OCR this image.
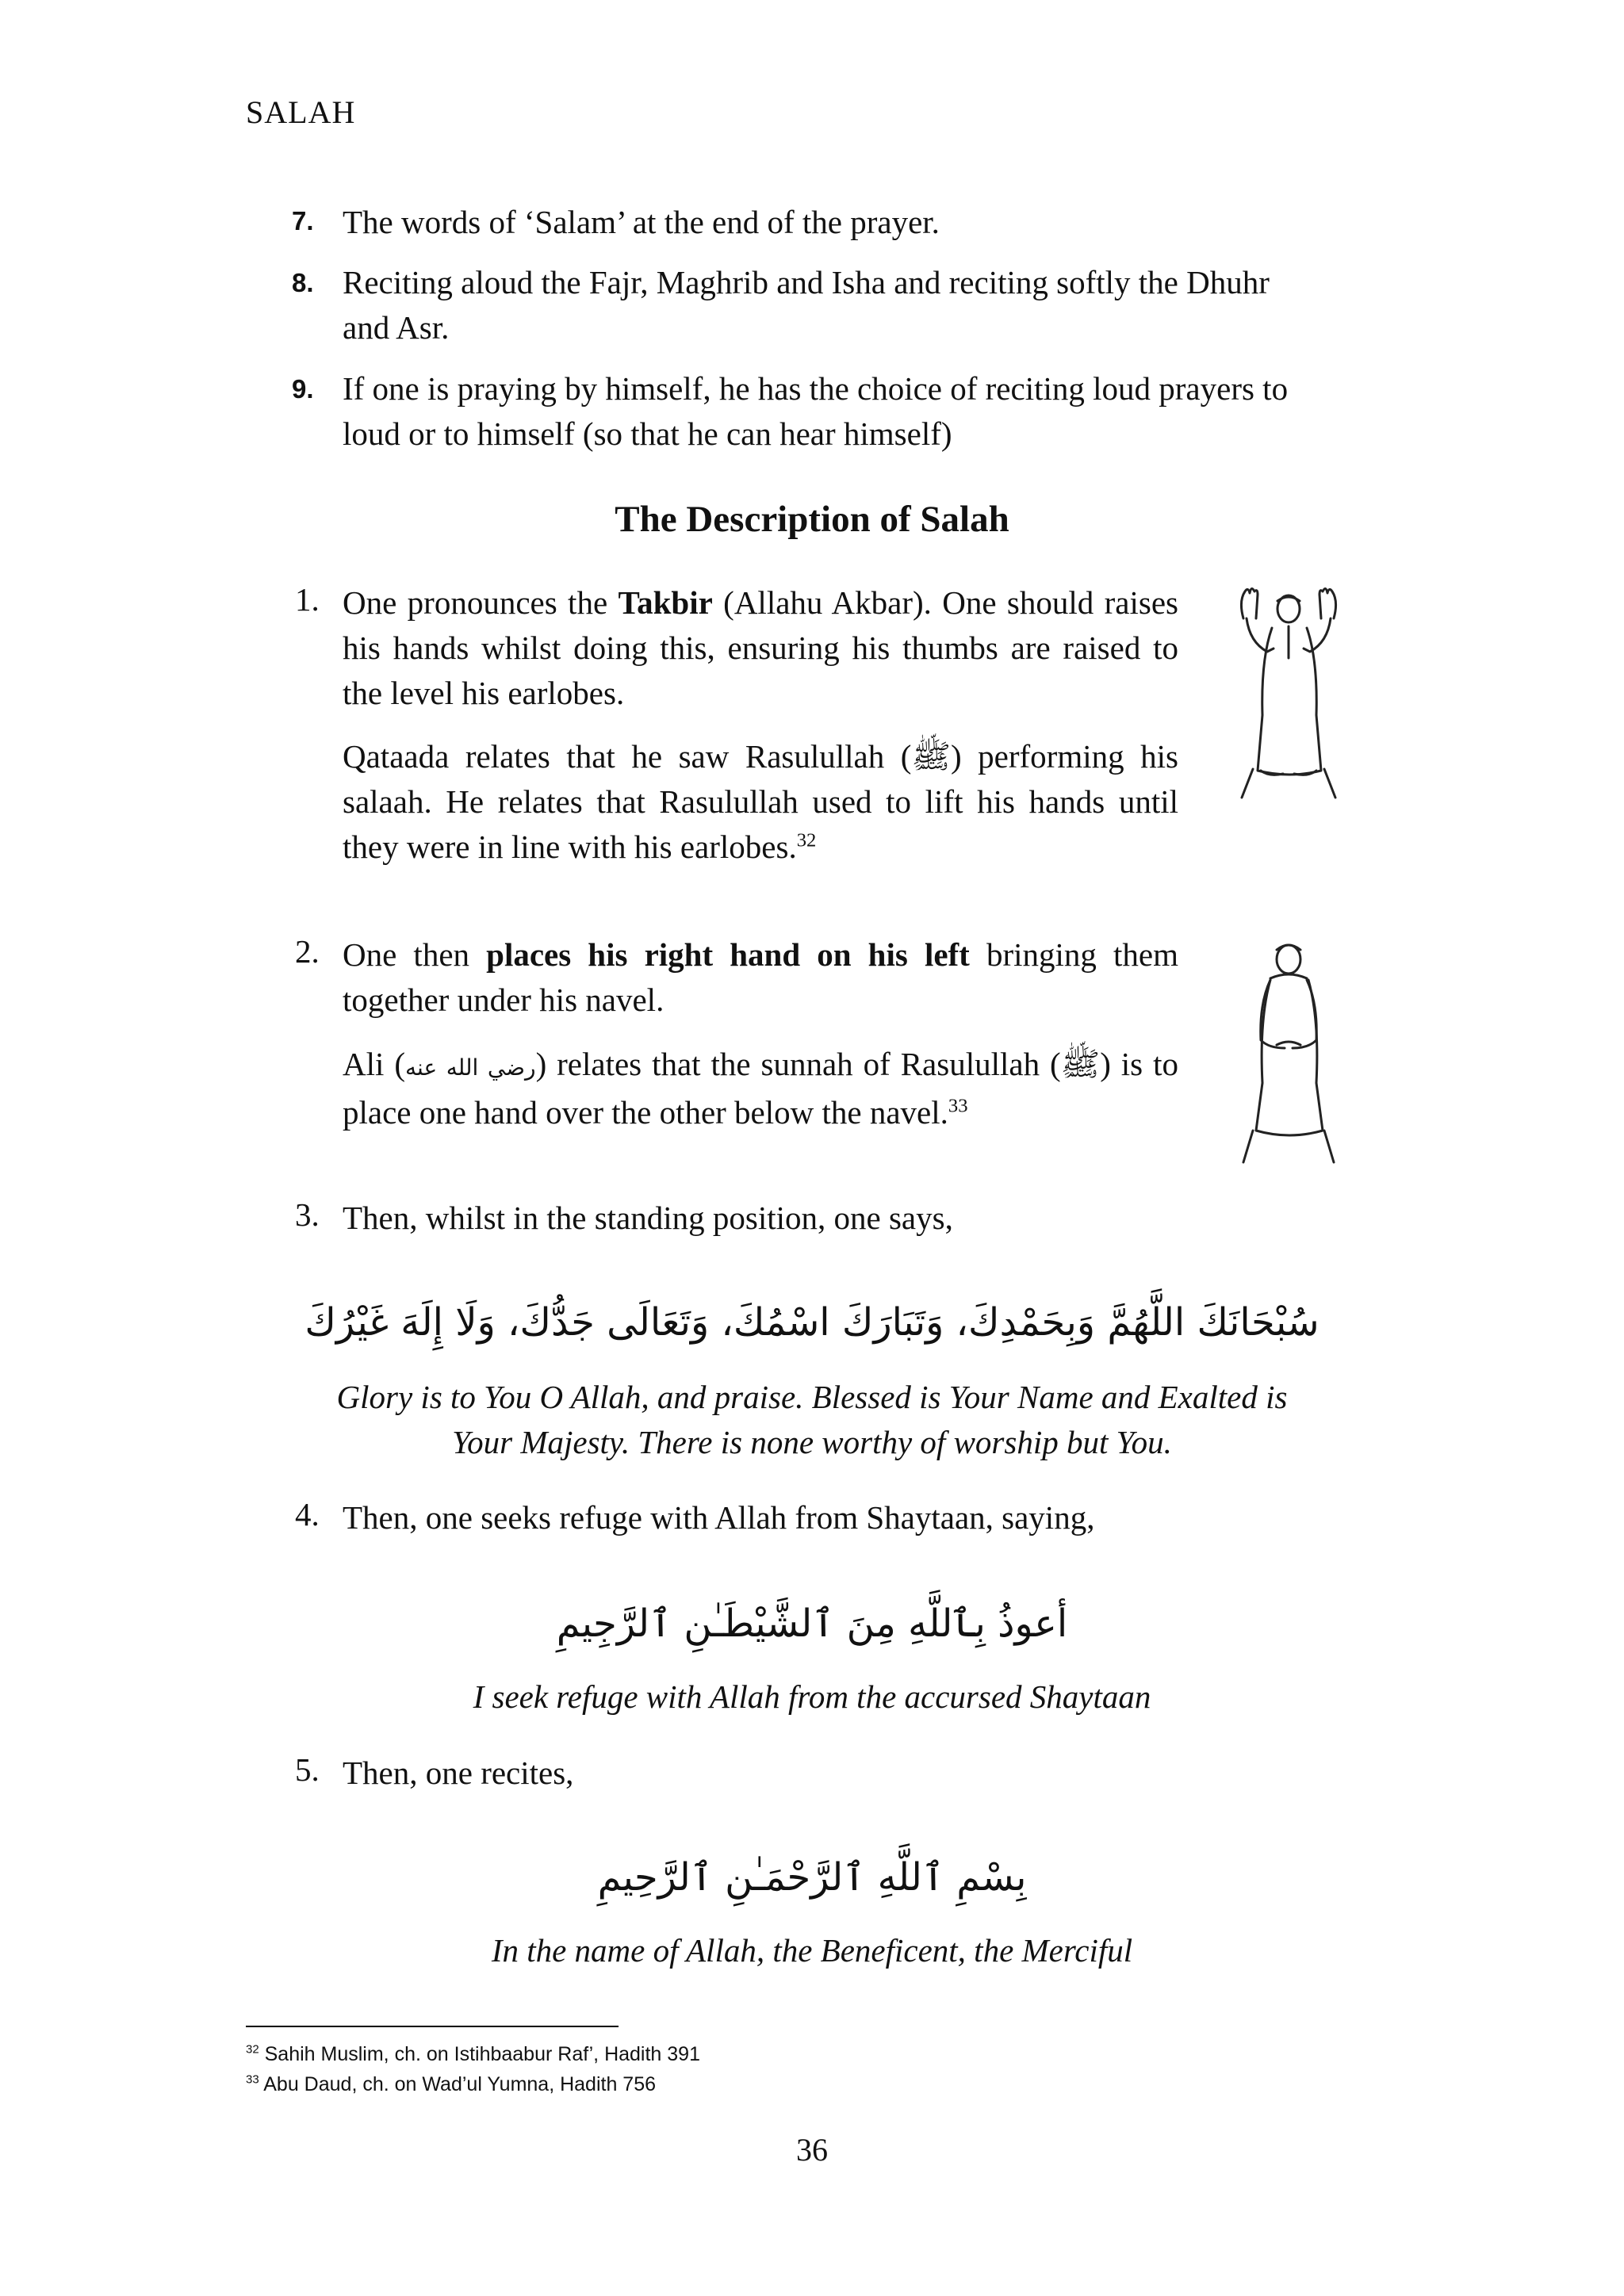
SALAH
7. The words of ‘Salam’ at the end of the prayer.
8. Reciting aloud the Fajr, Maghrib and Isha and reciting softly the Dhuhr
and Asr.
9. If one is praying by himself, he has the choice of reciting loud prayers to
loud or to himself (so that he can hear himself)
The Description of Salah
1. One pronounces the Takbir (Allahu Akbar). One should raises his hands whilst doing this, ensuring his thumbs are raised to the level his earlobes.
Qataada relates that he saw Rasulullah (ﷺ) performing his salaah. He relates that Rasulullah used to lift his hands until they were in line with his earlobes.$^{32}$
2. One then places his right hand on his left bringing them together under his navel.
Ali (رضي الله عنه) relates that the sunnah of Rasulullah (ﷺ) is to place one hand over the other below the navel.$^{33}$
3. Then, whilst in the standing position, one says,
سُبْحَانَكَ اللَّهُمَّ وَبِحَمْدِكَ، وَتَبَارَكَ اسْمُكَ، وَتَعَالَى جَدُّكَ، وَلَا إِلَهَ غَيْرُكَ
Glory is to You O Allah, and praise. Blessed is Your Name and Exalted is
Your Majesty. There is none worthy of worship but You.
4. Then, one seeks refuge with Allah from Shaytaan, saying,
أعوذُ بِٱللَّهِ مِنَ ٱلشَّيْطَـٰنِ ٱلرَّجِيمِ
I seek refuge with Allah from the accursed Shaytaan
5. Then, one recites,
بِسْمِ ٱللَّهِ ٱلرَّحْمَـٰنِ ٱلرَّحِيمِ
In the name of Allah, the Beneficent, the Merciful
$^{32}$ Sahih Muslim, ch. on Istihbaabur Raf’, Hadith 391
$^{33}$ Abu Daud, ch. on Wad’ul Yumna, Hadith 756
36
